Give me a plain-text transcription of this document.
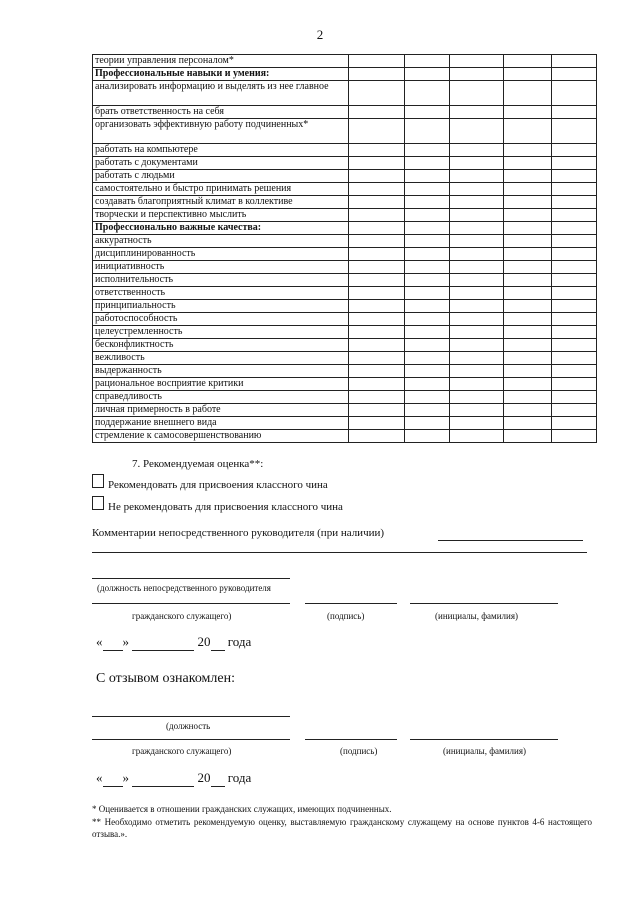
2
теории управления персоналом*					
Профессиональные навыки и умения:					
анализировать информацию и выделять из нее главное					
брать ответственность на себя					
организовать эффективную работу подчиненных*					
работать на компьютере					
работать с документами					
работать с людьми					
самостоятельно и быстро принимать решения					
создавать благоприятный климат в коллективе					
творчески и перспективно мыслить					
Профессионально важные качества:					
аккуратность					
дисциплинированность					
инициативность					
исполнительность					
ответственность					
принципиальность					
работоспособность					
целеустремленность					
бесконфликтность					
вежливость					
выдержанность					
рациональное восприятие критики					
справедливость					
личная примерность в работе					
поддержание внешнего вида					
стремление к самосовершенствованию					
7. Рекомендуемая оценка**:
Рекомендовать для присвоения классного чина
Не рекомендовать для присвоения классного чина
Комментарии непосредственного руководителя (при наличии)
(должность непосредственного руководителя
гражданского служащего)	(подпись)	(инициалы, фамилия)
« »	20 года
С отзывом ознакомлен:
(должность
гражданского служащего)	(подпись)	(инициалы, фамилия)
« »	20 года
* Оценивается в отношении гражданских служащих, имеющих подчиненных.
** Необходимо отметить рекомендуемую оценку, выставляемую гражданскому служащему на основе пунктов 4-6 настоящего отзыва.».
